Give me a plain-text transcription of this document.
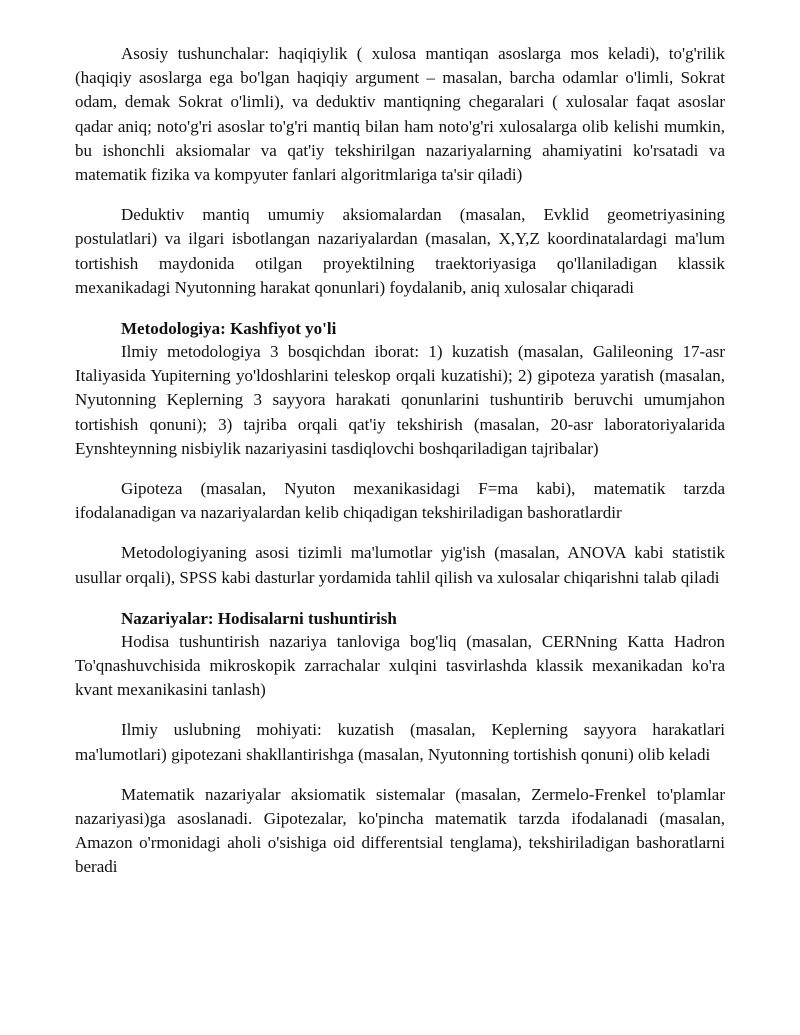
Asosiy tushunchalar: haqiqiylik ( xulosa mantiqan asoslarga mos keladi), to'g'rilik (haqiqiy asoslarga ega bo'lgan haqiqiy argument – masalan, barcha odamlar o'limli, Sokrat odam, demak Sokrat o'limli), va deduktiv mantiqning chegaralari ( xulosalar faqat asoslar qadar aniq; noto'g'ri asoslar to'g'ri mantiq bilan ham noto'g'ri xulosalarga olib kelishi mumkin, bu ishonchli aksiomalar va qat'iy tekshirilgan nazariyalarning ahamiyatini ko'rsatadi va matematik fizika va kompyuter fanlari algoritmlariga ta'sir qiladi)

Deduktiv mantiq umumiy aksiomalardan (masalan, Evklid geometriyasining postulatlari) va ilgari isbotlangan nazariyalardan (masalan, X,Y,Z koordinatalardagi ma'lum tortishish maydonida otilgan proyektilning traektoriyasiga qo'llaniladigan klassik mexanikadagi Nyutonning harakat qonunlari) foydalanib, aniq xulosalar chiqaradi

Metodologiya: Kashfiyot yo'li

Ilmiy metodologiya 3 bosqichdan iborat: 1) kuzatish (masalan, Galileoning 17-asr Italiyasida Yupiterning yo'ldoshlarini teleskop orqali kuzatishi); 2) gipoteza yaratish (masalan, Nyutonning Keplerning 3 sayyora harakati qonunlarini tushuntirib beruvchi umumjahon tortishish qonuni); 3) tajriba orqali qat'iy tekshirish (masalan, 20-asr laboratoriyalarida Eynshteynning nisbiylik nazariyasini tasdiqlovchi boshqariladigan tajribalar)

Gipoteza (masalan, Nyuton mexanikasidagi F=ma kabi), matematik tarzda ifodalanadigan va nazariyalardan kelib chiqadigan tekshiriladigan bashoratlardir

Metodologiyaning asosi tizimli ma'lumotlar yig'ish (masalan, ANOVA kabi statistik usullar orqali), SPSS kabi dasturlar yordamida tahlil qilish va xulosalar chiqarishni talab qiladi

Nazariyalar: Hodisalarni tushuntirish

Hodisa tushuntirish nazariya tanloviga bog'liq (masalan, CERNning Katta Hadron To'qnashuvchisida mikroskopik zarrachalar xulqini tasvirlashda klassik mexanikadan ko'ra kvant mexanikasini tanlash)

Ilmiy uslubning mohiyati: kuzatish (masalan, Keplerning sayyora harakatlari ma'lumotlari) gipotezani shakllantirishga (masalan, Nyutonning tortishish qonuni) olib keladi

Matematik nazariyalar aksiomatik sistemalar (masalan, Zermelo-Frenkel to'plamlar nazariyasi)ga asoslanadi. Gipotezalar, ko'pincha matematik tarzda ifodalanadi (masalan, Amazon o'rmonidagi aholi o'sishiga oid differentsial tenglama), tekshiriladigan bashoratlarni beradi
